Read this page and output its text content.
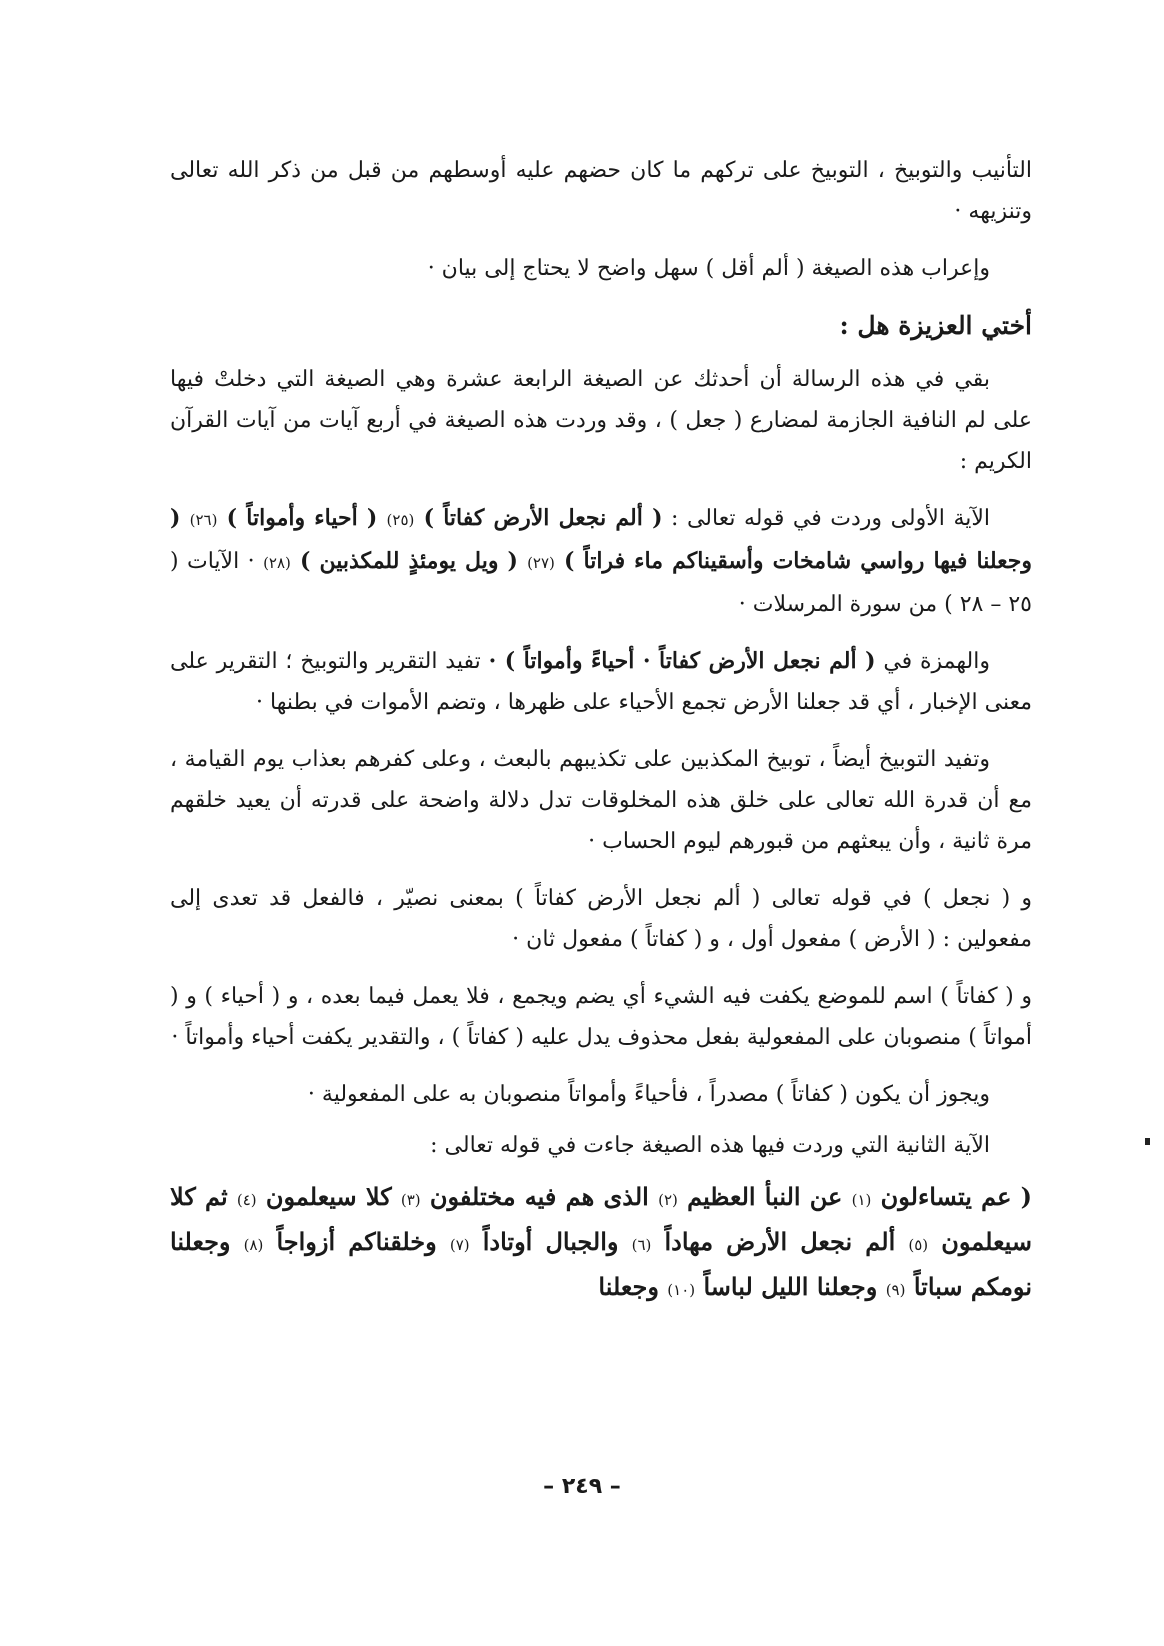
التأنيب والتوبيخ ، التوبيخ على تركهم ما كان حضهم عليه أوسطهم من قبل من ذكر الله تعالى وتنزيهه ·

وإعراب هذه الصيغة ( ألم أقل ) سهل واضح لا يحتاج إلى بيان ·

أختي العزيزة هل :

بقي في هذه الرسالة أن أحدثك عن الصيغة الرابعة عشرة وهي الصيغة التي دخلتْ فيها على لم النافية الجازمة لمضارع ( جعل ) ، وقد وردت هذه الصيغة في أربع آيات من آيات القرآن الكريم :

الآية الأولى وردت في قوله تعالى : ( ألم نجعل الأرض كفاتاً ) (٢٥) ( أحياء وأمواتاً ) (٢٦) ( وجعلنا فيها رواسي شامخات وأسقيناكم ماء فراتاً ) (٢٧) ( ويل يومئذٍ للمكذبين ) (٢٨) · الآيات ( ٢٥ – ٢٨ ) من سورة المرسلات ·

والهمزة في ( ألم نجعل الأرض كفاتاً · أحياءً وأمواتاً ) · تفيد التقرير والتوبيخ ؛ التقرير على معنى الإخبار ، أي قد جعلنا الأرض تجمع الأحياء على ظهرها ، وتضم الأموات في بطنها ·

وتفيد التوبيخ أيضاً ، توبيخ المكذبين على تكذيبهم بالبعث ، وعلى كفرهم بعذاب يوم القيامة ، مع أن قدرة الله تعالى على خلق هذه المخلوقات تدل دلالة واضحة على قدرته أن يعيد خلقهم مرة ثانية ، وأن يبعثهم من قبورهم ليوم الحساب ·

و ( نجعل ) في قوله تعالى ( ألم نجعل الأرض كفاتاً ) بمعنى نصيّر ، فالفعل قد تعدى إلى مفعولين : ( الأرض ) مفعول أول ، و ( كفاتاً ) مفعول ثان ·

و ( كفاتاً ) اسم للموضع يكفت فيه الشيء أي يضم ويجمع ، فلا يعمل فيما بعده ، و ( أحياء ) و ( أمواتاً ) منصوبان على المفعولية بفعل محذوف يدل عليه ( كفاتاً ) ، والتقدير يكفت أحياء وأمواتاً ·

ويجوز أن يكون ( كفاتاً ) مصدراً ، فأحياءً وأمواتاً منصوبان به على المفعولية ·

الآية الثانية التي وردت فيها هذه الصيغة جاءت في قوله تعالى :

( عم يتساءلون (١) عن النبأ العظيم (٢) الذى هم فيه مختلفون (٣) كلا سيعلمون (٤) ثم كلا سيعلمون (٥) ألم نجعل الأرض مهاداً (٦) والجبال أوتاداً (٧) وخلقناكم أزواجاً (٨) وجعلنا نومكم سباتاً (٩) وجعلنا الليل لباساً (١٠) وجعلنا

– ٢٤٩ –
